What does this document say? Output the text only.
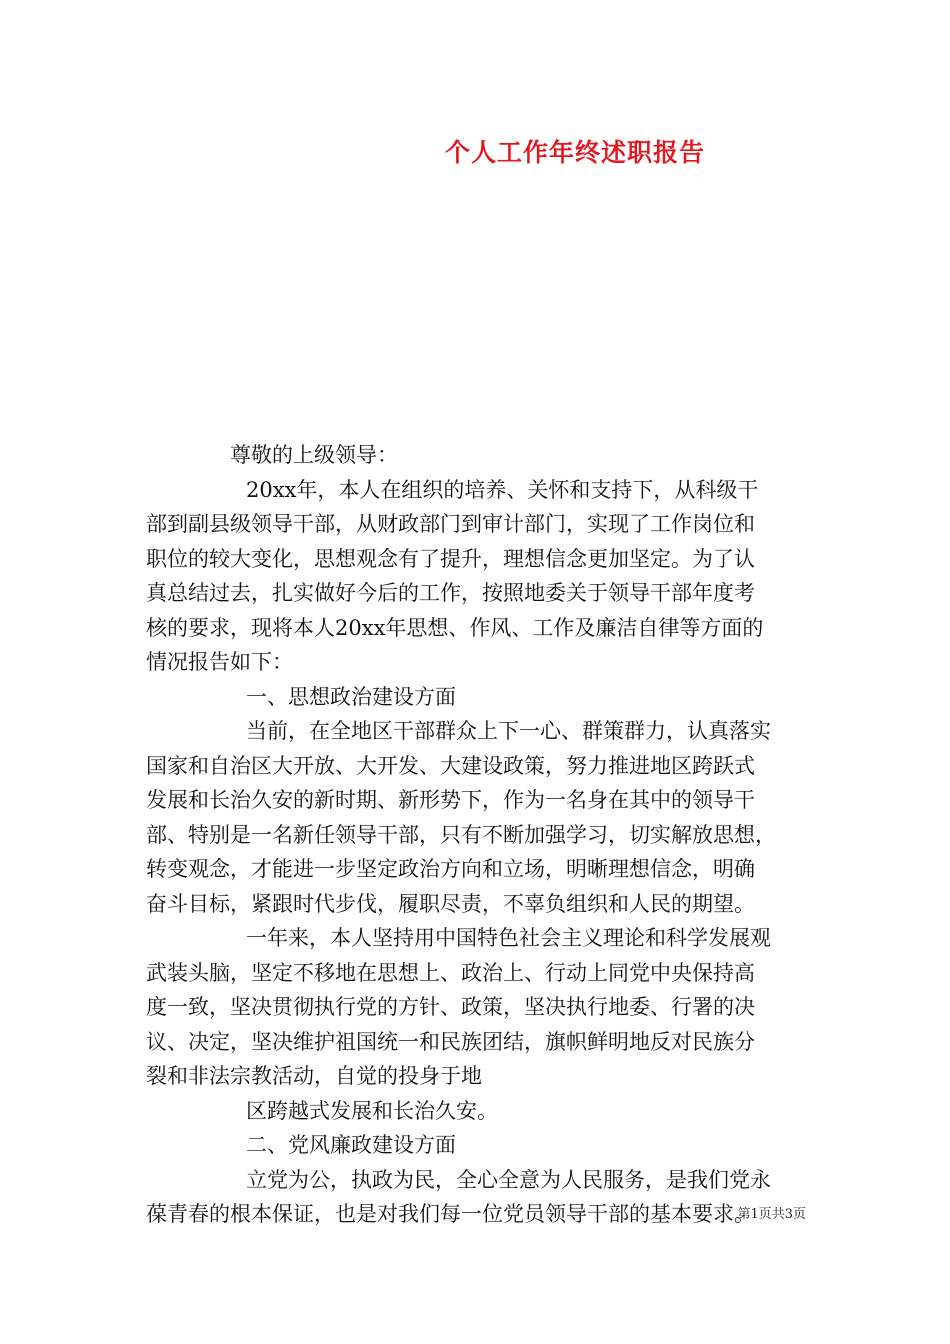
个人工作年终述职报告
尊敬的上级领导：
20xx年，本人在组织的培养、关怀和支持下，从科级干
部到副县级领导干部，从财政部门到审计部门，实现了工作岗位和
职位的较大变化，思想观念有了提升，理想信念更加坚定。为了认
真总结过去，扎实做好今后的工作，按照地委关于领导干部年度考
核的要求，现将本人20xx年思想、作风、工作及廉洁自律等方面的
情况报告如下：
一、思想政治建设方面
当前，在全地区干部群众上下一心、群策群力，认真落实
国家和自治区大开放、大开发、大建设政策，努力推进地区跨跃式
发展和长治久安的新时期、新形势下，作为一名身在其中的领导干
部、特别是一名新任领导干部，只有不断加强学习，切实解放思想，
转变观念，才能进一步坚定政治方向和立场，明晰理想信念，明确
奋斗目标，紧跟时代步伐，履职尽责，不辜负组织和人民的期望。
一年来，本人坚持用中国特色社会主义理论和科学发展观
武装头脑，坚定不移地在思想上、政治上、行动上同党中央保持高
度一致，坚决贯彻执行党的方针、政策，坚决执行地委、行署的决
议、决定，坚决维护祖国统一和民族团结，旗帜鲜明地反对民族分
裂和非法宗教活动，自觉的投身于地
区跨越式发展和长治久安。
二、党风廉政建设方面
立党为公，执政为民，全心全意为人民服务，是我们党永
葆青春的根本保证，也是对我们每一位党员领导干部的基本要求。
第1页共3页
